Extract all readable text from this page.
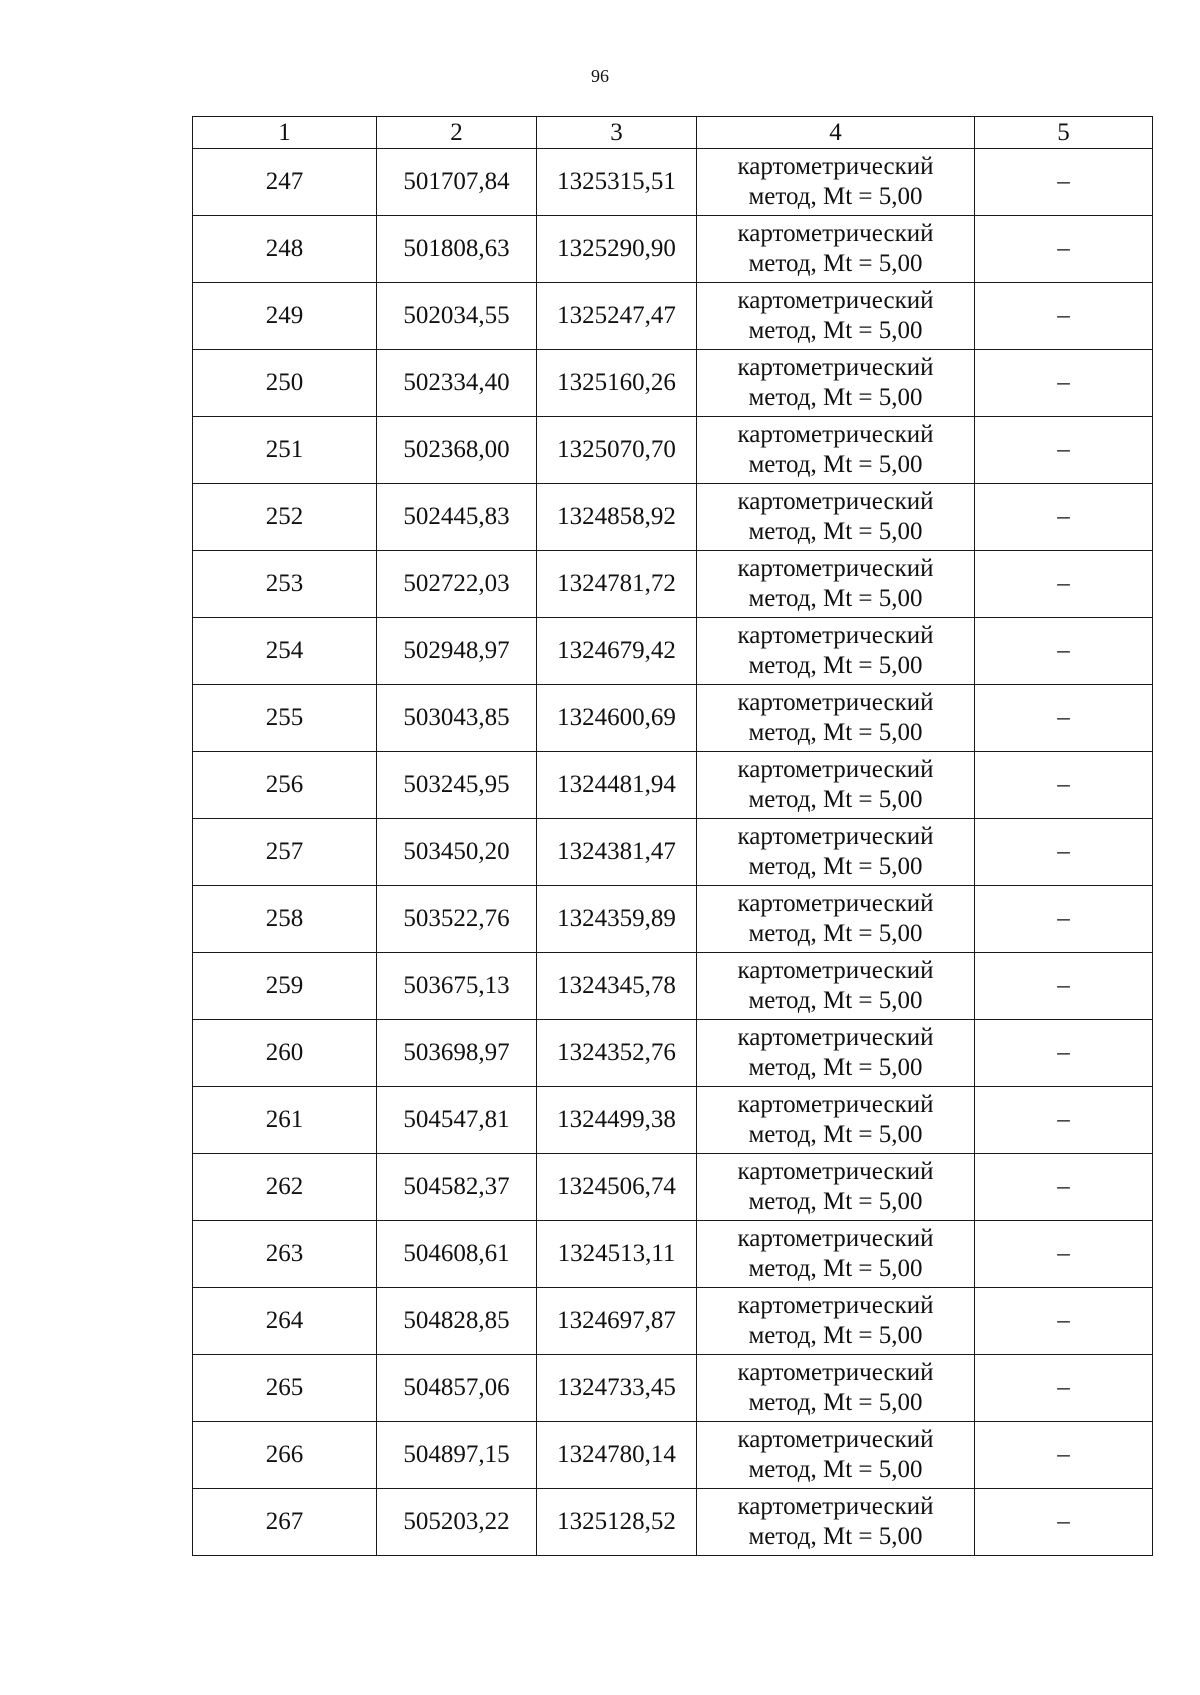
96
1	2	3	4	5
247	501707,84	1325315,51	картометрический
метод, Mt = 5,00	–
248	501808,63	1325290,90	картометрический
метод, Mt = 5,00	–
249	502034,55	1325247,47	картометрический
метод, Mt = 5,00	–
250	502334,40	1325160,26	картометрический
метод, Mt = 5,00	–
251	502368,00	1325070,70	картометрический
метод, Mt = 5,00	–
252	502445,83	1324858,92	картометрический
метод, Mt = 5,00	–
253	502722,03	1324781,72	картометрический
метод, Mt = 5,00	–
254	502948,97	1324679,42	картометрический
метод, Mt = 5,00	–
255	503043,85	1324600,69	картометрический
метод, Mt = 5,00	–
256	503245,95	1324481,94	картометрический
метод, Mt = 5,00	–
257	503450,20	1324381,47	картометрический
метод, Mt = 5,00	–
258	503522,76	1324359,89	картометрический
метод, Mt = 5,00	–
259	503675,13	1324345,78	картометрический
метод, Mt = 5,00	–
260	503698,97	1324352,76	картометрический
метод, Mt = 5,00	–
261	504547,81	1324499,38	картометрический
метод, Mt = 5,00	–
262	504582,37	1324506,74	картометрический
метод, Mt = 5,00	–
263	504608,61	1324513,11	картометрический
метод, Mt = 5,00	–
264	504828,85	1324697,87	картометрический
метод, Mt = 5,00	–
265	504857,06	1324733,45	картометрический
метод, Mt = 5,00	–
266	504897,15	1324780,14	картометрический
метод, Mt = 5,00	–
267	505203,22	1325128,52	картометрический
метод, Mt = 5,00	–
